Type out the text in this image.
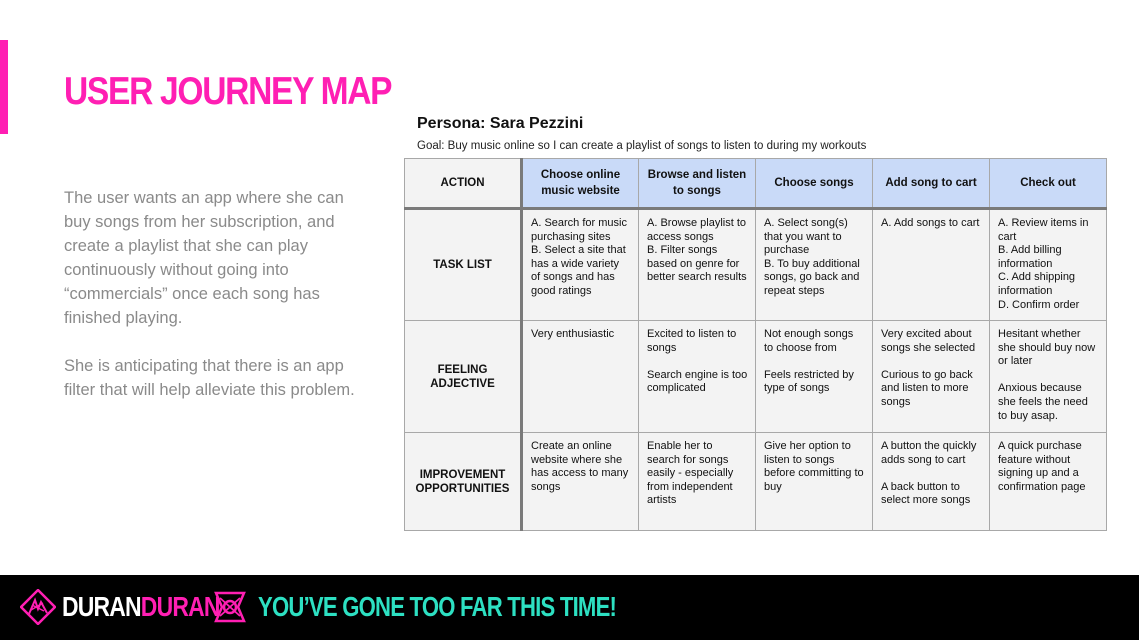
USER JOURNEY MAP

The user wants an app where she can buy songs from her subscription, and create a playlist that she can play continuously without going into “commercials” once each song has finished playing.

She is anticipating that there is an app filter that will help alleviate this problem.

Persona: Sara Pezzini
Goal: Buy music online so I can create a playlist of songs to listen to during my workouts
ACTION	Choose online music website	Browse and listen to songs	Choose songs	Add song to cart	Check out
TASK LIST	A. Search for music purchasing sites
B. Select a site that has a wide variety of songs and has good ratings	A. Browse playlist to access songs
B. Filter songs based on genre for better search results	A. Select song(s) that you want to purchase
B. To buy additional songs, go back and repeat steps	A. Add songs to cart	A. Review items in cart
B. Add billing information
C. Add shipping information
D. Confirm order
FEELING ADJECTIVE	Very enthusiastic	Excited to listen to songs

Search engine is too complicated	Not enough songs to choose from

Feels restricted by type of songs	Very excited about songs she selected

Curious to go back and listen to more songs	Hesitant whether she should buy now or later

Anxious because she feels the need to buy asap.
IMPROVEMENT OPPORTUNITIES	Create an online website where she has access to many songs	Enable her to search for songs easily - especially from independent artists	Give her option to listen to songs before committing to buy	A button the quickly adds song to cart

A back button to select more songs	A quick purchase feature without signing up and a confirmation page
DURANDURAN YOU’VE GONE TOO FAR THIS TIME!
